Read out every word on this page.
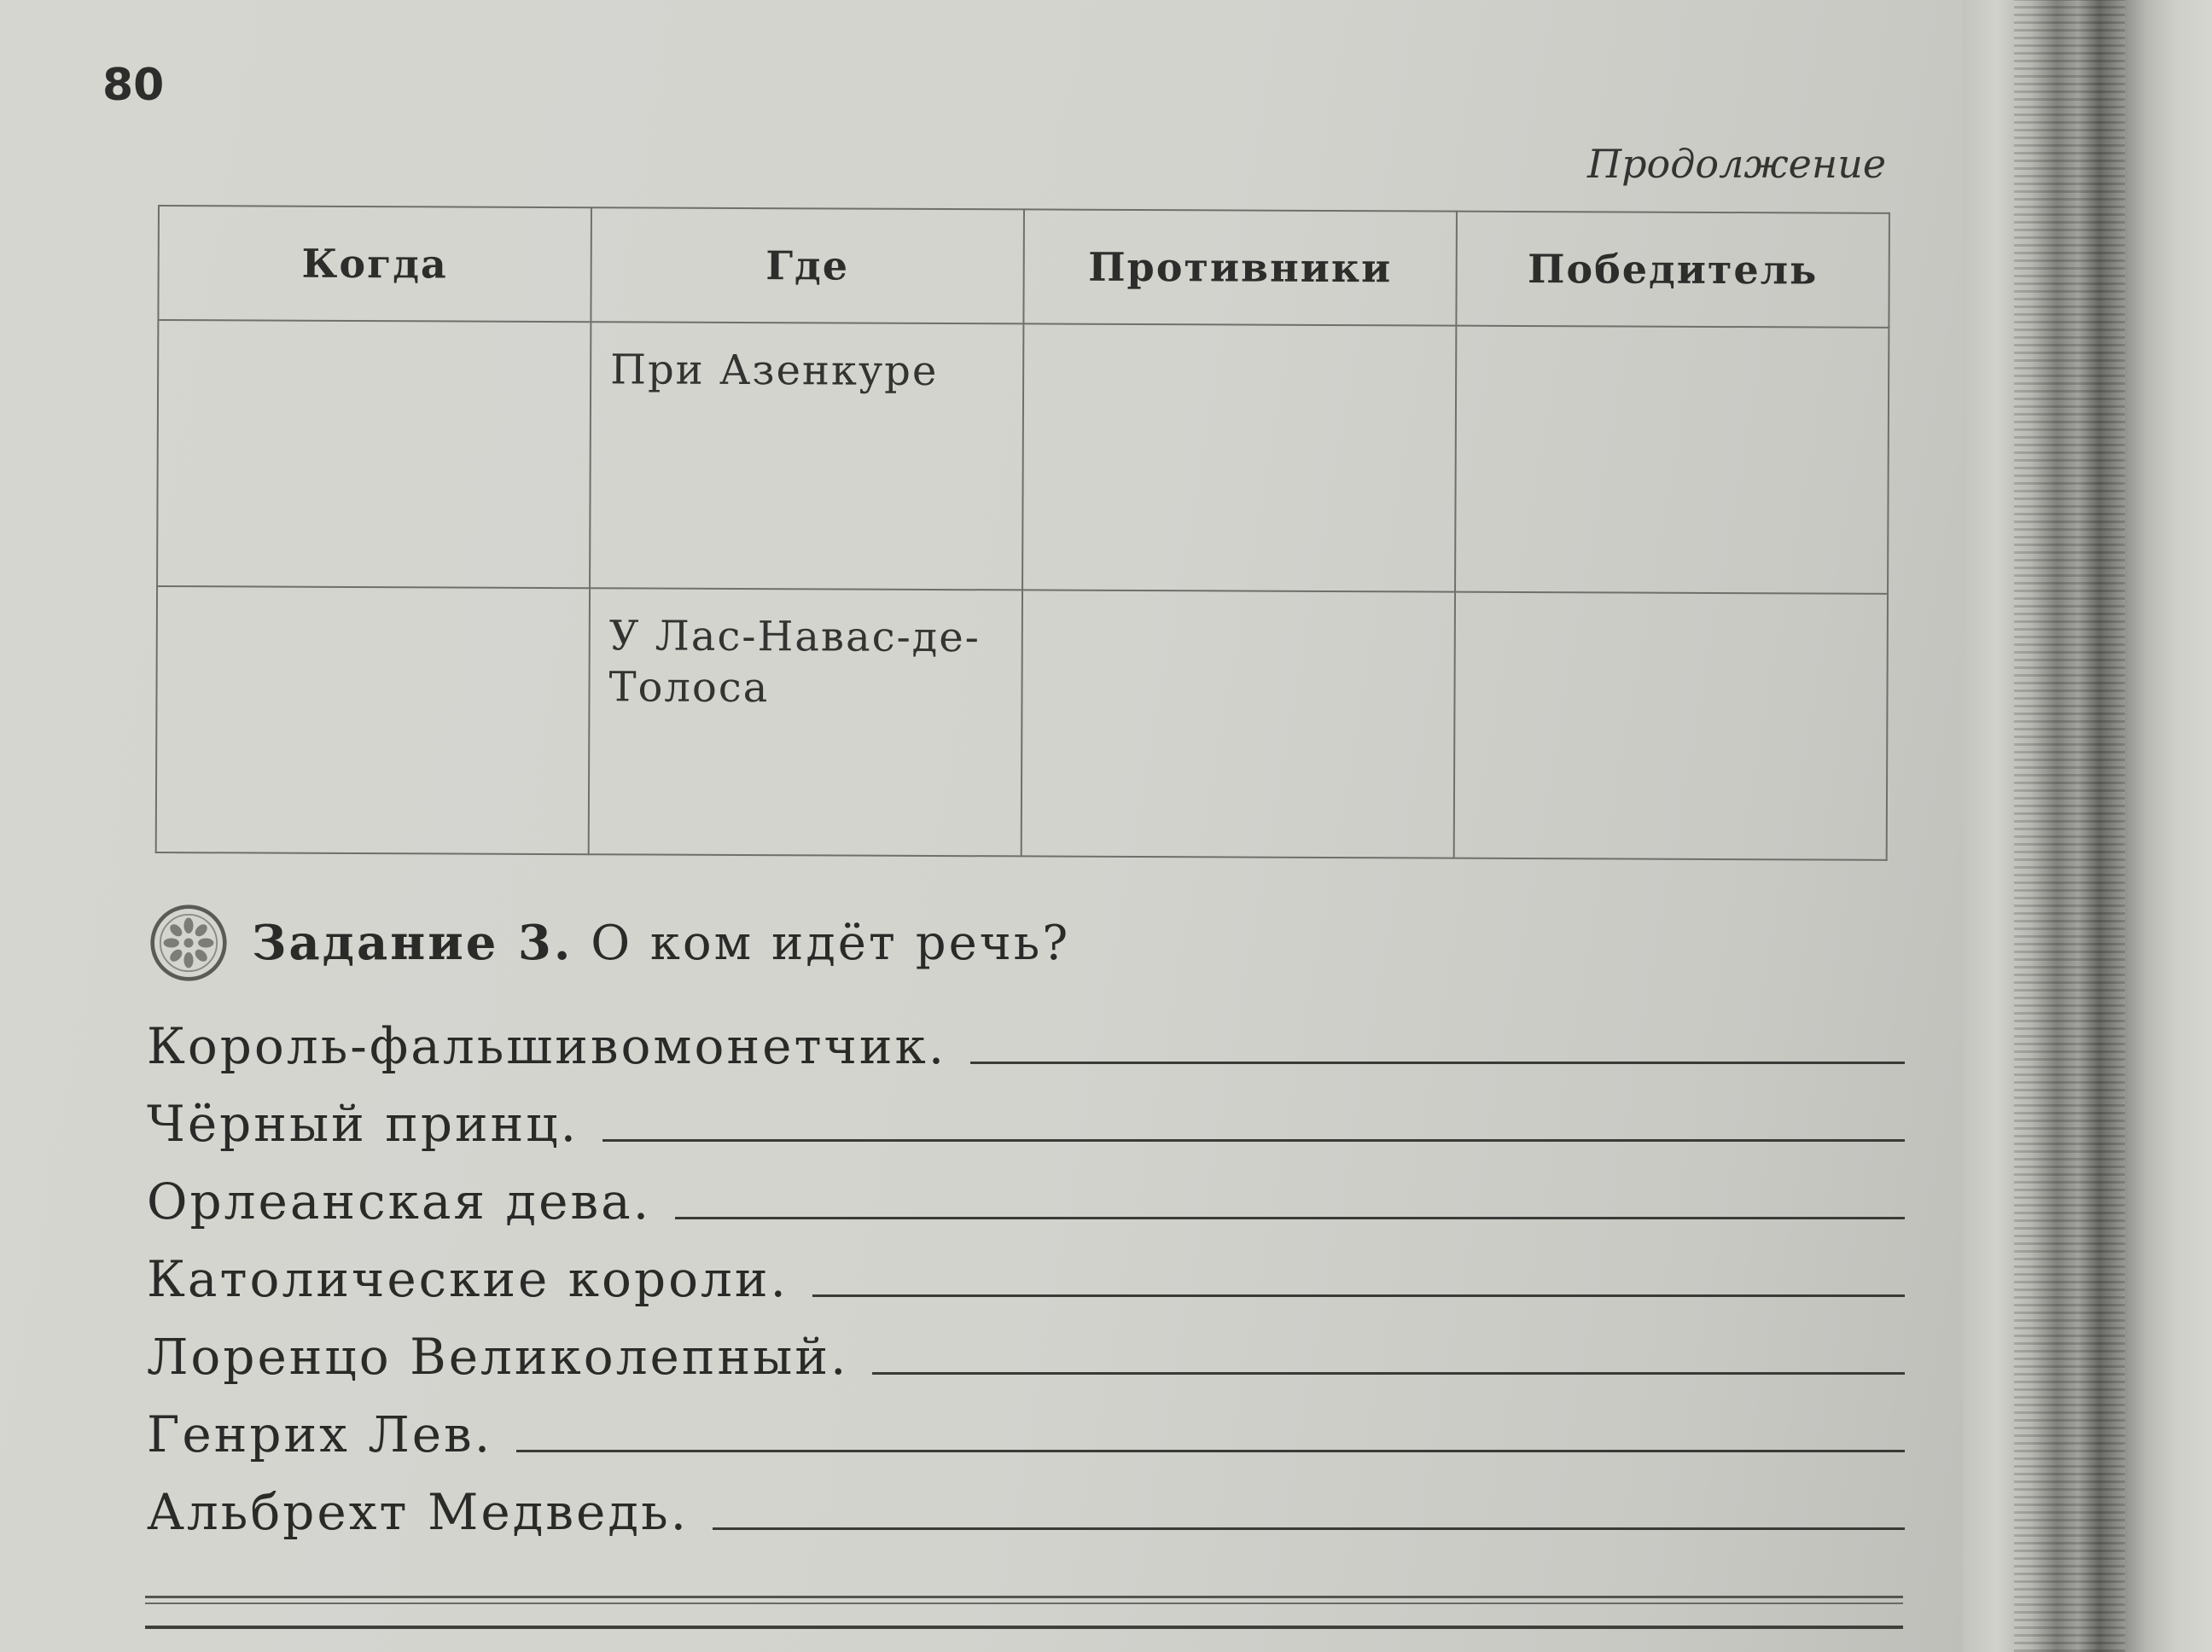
80
Продолжение
Когда	Где	Противники	Победитель
	При Азенкуре		
	У Лас-Навас-де-Толоса		
Задание 3. О ком идёт речь?
Король-фальшивомонетчик.
Чёрный принц.
Орлеанская дева.
Католические короли.
Лоренцо Великолепный.
Генрих Лев.
Альбрехт Медведь.
